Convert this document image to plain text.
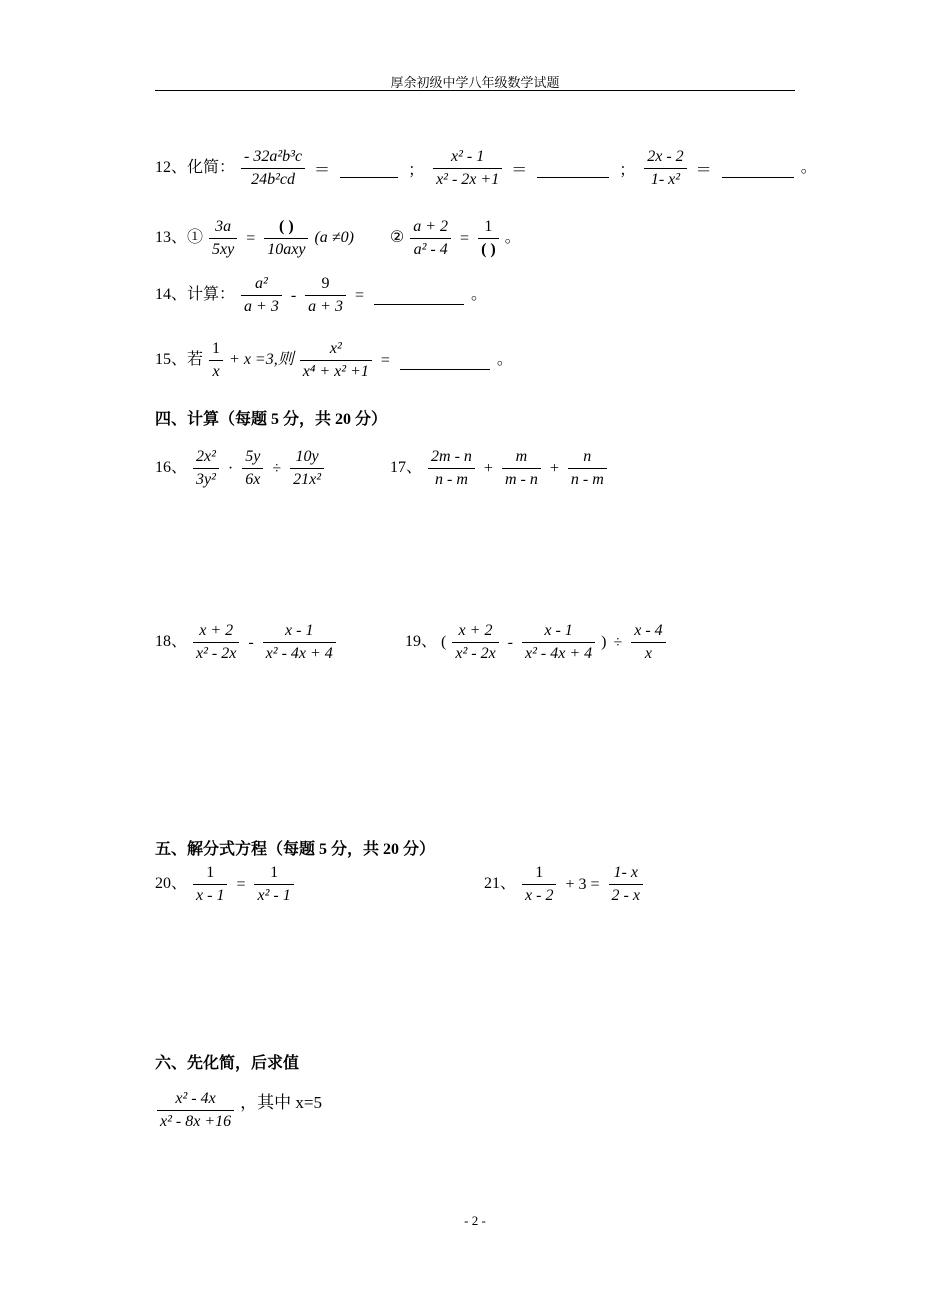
厚余初级中学八年级数学试题
12、化简： $\frac{\text{- 32a²b³c}}{\text{24b²cd}}$ ＝	； $\frac{\text{x² - 1}}{\text{x² - 2x +1}}$ ＝	； $\frac{2x - 2}{\text{1- x²}}$ ＝	。
13、① $\frac{3a}{5xy} = \frac{( )}{\text{10axy}} (a \ne 0)$ ② $\frac{a + 2}{\text{a² - 4}} = \frac{1}{( )}$ 。
14、计算： $\frac{\text{a²}}{a + 3} - \frac{9}{a + 3}$ =	。
15、若 $\frac{1}{x} + x =3$,则 $\frac{\text{x²}}{\text{x⁴ + x² +1}}$ =	。
四、计算（每题 5 分，共 20 分）
16、 $\frac{\text{2x²}}{\text{3y²}} \cdot \frac{5y}{6x} \div \frac{10y}{\text{21x²}}$	17、 $\frac{2m - n}{n - m} + \frac{m}{m - n} + \frac{n}{n - m}$
18、 $\frac{x + 2}{\text{x² - 2x}} - \frac{x - 1}{\text{x² - 4x + 4}}$	19、 ( $\frac{x + 2}{\text{x² - 2x}} - \frac{x - 1}{\text{x² - 4x + 4}}$ ) ÷ $\frac{x - 4}{x}$
五、解分式方程（每题 5 分，共 20 分）
20、 $\frac{1}{x - 1} = \frac{1}{\text{x² - 1}}$	21、 $\frac{1}{x - 2} + 3 = \frac{1- x}{2 - x}$
六、先化简，后求值
$\frac{\text{x² - 4x}}{\text{x² - 8x +16}}$ ，其中 x=5
- 2 -
